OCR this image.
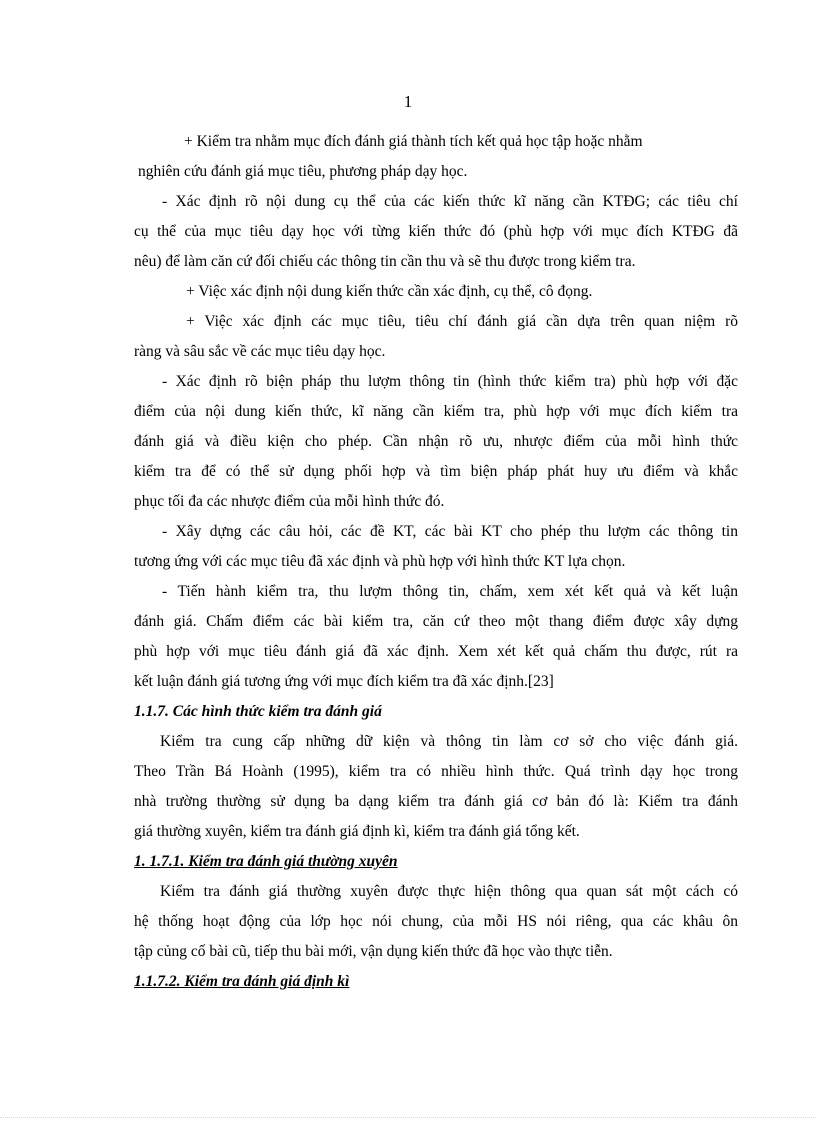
1
+ Kiểm tra nhằm mục đích đánh giá thành tích kết quả học tập hoặc nhằm
nghiên cứu đánh giá mục tiêu, phương pháp dạy học.
- Xác định rõ nội dung cụ thể của các kiến thức kĩ năng cần KTĐG; các tiêu chí
cụ thể của mục tiêu dạy học với từng kiến thức đó (phù hợp với mục đích KTĐG đã
nêu) để làm căn cứ đối chiếu các thông tin cần thu và sẽ thu được trong kiểm tra.
+ Việc xác định nội dung kiến thức cần xác định, cụ thể, cô đọng.
+ Việc xác định các mục tiêu, tiêu chí đánh giá cần dựa trên quan niệm rõ
ràng và sâu sắc về các mục tiêu dạy học.
- Xác định rõ biện pháp thu lượm thông tin (hình thức kiểm tra) phù hợp với đặc
điểm của nội dung kiến thức, kĩ năng cần kiểm tra, phù hợp với mục đích kiểm tra
đánh giá và điều kiện cho phép. Cần nhận rõ ưu, nhược điểm của mỗi hình thức
kiểm tra để có thể sử dụng phối hợp và tìm biện pháp phát huy ưu điểm và khắc
phục tối đa các nhược điểm của mỗi hình thức đó.
- Xây dựng các câu hỏi, các đề KT, các bài KT cho phép thu lượm các thông tin
tương ứng với các mục tiêu đã xác định và phù hợp với hình thức KT lựa chọn.
- Tiến hành kiểm tra, thu lượm thông tin, chấm, xem xét kết quả và kết luận
đánh giá. Chấm điểm các bài kiểm tra, căn cứ theo một thang điểm được xây dựng
phù hợp với mục tiêu đánh giá đã xác định. Xem xét kết quả chấm thu được, rút ra
kết luận đánh giá tương ứng với mục đích kiểm tra đã xác định.[23]
1.1.7. Các hình thức kiểm tra đánh giá
Kiểm tra cung cấp những dữ kiện và thông tin làm cơ sở cho việc đánh giá.
Theo Trần Bá Hoành (1995), kiểm tra có nhiều hình thức. Quá trình dạy học trong
nhà trường thường sử dụng ba dạng kiểm tra đánh giá cơ bản đó là: Kiểm tra đánh
giá thường xuyên, kiểm tra đánh giá định kì, kiểm tra đánh giá tổng kết.
1. 1.7.1. Kiểm tra đánh giá thường xuyên
Kiểm tra đánh giá thường xuyên được thực hiện thông qua quan sát một cách có
hệ thống hoạt động của lớp học nói chung, của mỗi HS nói riêng, qua các khâu ôn
tập củng cố bài cũ, tiếp thu bài mới, vận dụng kiến thức đã học vào thực tiễn.
1.1.7.2. Kiểm tra đánh giá định kì
